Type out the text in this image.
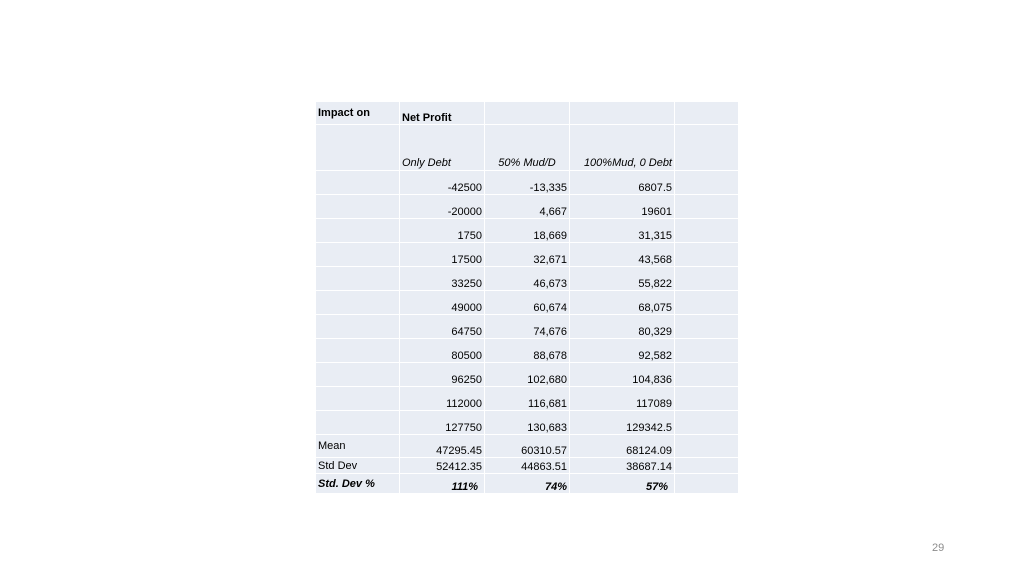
Impact on	Net Profit			
	Only Debt	50% Mud/D	100%Mud, 0 Debt	
	-42500	-13,335	6807.5	
	-20000	4,667	19601	
	1750	18,669	31,315	
	17500	32,671	43,568	
	33250	46,673	55,822	
	49000	60,674	68,075	
	64750	74,676	80,329	
	80500	88,678	92,582	
	96250	102,680	104,836	
	112000	116,681	117089	
	127750	130,683	129342.5	
Mean	47295.45	60310.57	68124.09	
Std Dev	52412.35	44863.51	38687.14	
Std. Dev %	111%	74%	57%	
29
